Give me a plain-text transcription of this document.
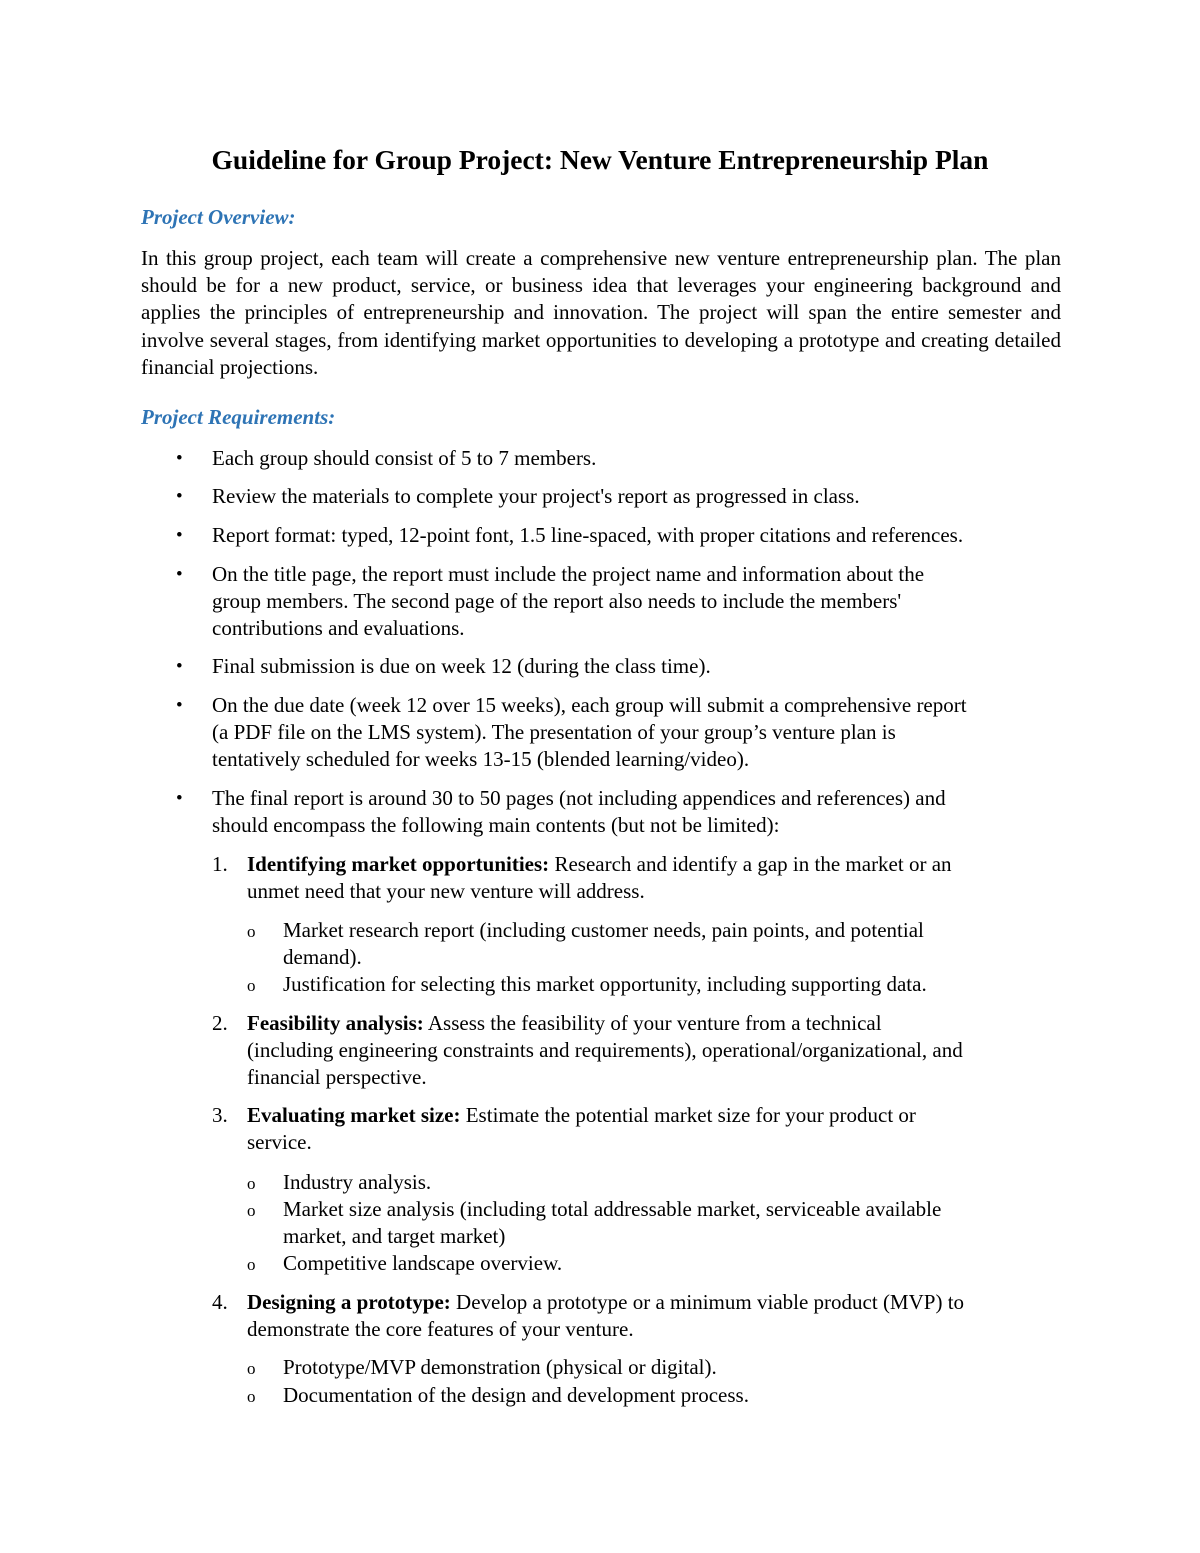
Guideline for Group Project: New Venture Entrepreneurship Plan
Project Overview:

In this group project, each team will create a comprehensive new venture entrepreneurship plan. The plan should be for a new product, service, or business idea that leverages your engineering background and applies the principles of entrepreneurship and innovation. The project will span the entire semester and involve several stages, from identifying market opportunities to developing a prototype and creating detailed financial projections.

Project Requirements:
• Each group should consist of 5 to 7 members.
• Review the materials to complete your project's report as progressed in class.
• Report format: typed, 12-point font, 1.5 line-spaced, with proper citations and references.
• On the title page, the report must include the project name and information about the
group members. The second page of the report also needs to include the members'
contributions and evaluations.
• Final submission is due on week 12 (during the class time).
• On the due date (week 12 over 15 weeks), each group will submit a comprehensive report
(a PDF file on the LMS system). The presentation of your group’s venture plan is
tentatively scheduled for weeks 13-15 (blended learning/video).
• The final report is around 30 to 50 pages (not including appendices and references) and
should encompass the following main contents (but not be limited):
1. Identifying market opportunities: Research and identify a gap in the market or an
unmet need that your new venture will address.
o Market research report (including customer needs, pain points, and potential
demand).
o Justification for selecting this market opportunity, including supporting data.
2. Feasibility analysis: Assess the feasibility of your venture from a technical
(including engineering constraints and requirements), operational/organizational, and
financial perspective.
3. Evaluating market size: Estimate the potential market size for your product or
service.
o Industry analysis.
o Market size analysis (including total addressable market, serviceable available
market, and target market)
o Competitive landscape overview.
4. Designing a prototype: Develop a prototype or a minimum viable product (MVP) to
demonstrate the core features of your venture.
o Prototype/MVP demonstration (physical or digital).
o Documentation of the design and development process.
